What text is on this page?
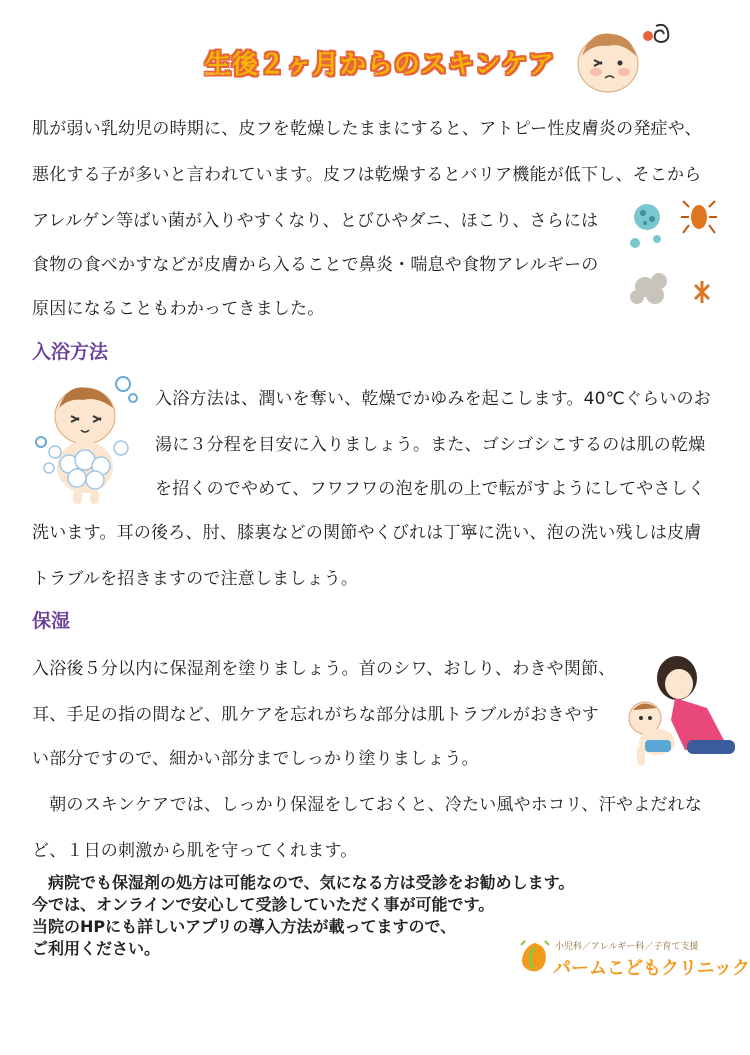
生後２ヶ月からのスキンケア
肌が弱い乳幼児の時期に、皮フを乾燥したままにすると、アトピー性皮膚炎の発症や、
悪化する子が多いと言われています。皮フは乾燥するとバリア機能が低下し、そこから
アレルゲン等ばい菌が入りやすくなり、とびひやダニ、ほこり、さらには
食物の食べかすなどが皮膚から入ることで鼻炎・喘息や食物アレルギーの
原因になることもわかってきました。
入浴方法
入浴方法は、潤いを奪い、乾燥でかゆみを起こします。40℃ぐらいのお
湯に３分程を目安に入りましょう。また、ゴシゴシこするのは肌の乾燥
を招くのでやめて、フワフワの泡を肌の上で転がすようにしてやさしく
洗います。耳の後ろ、肘、膝裏などの関節やくびれは丁寧に洗い、泡の洗い残しは皮膚
トラブルを招きますので注意しましょう。
保湿
入浴後５分以内に保湿剤を塗りましょう。首のシワ、おしり、わきや関節、
耳、手足の指の間など、肌ケアを忘れがちな部分は肌トラブルがおきやす
い部分ですので、細かい部分までしっかり塗りましょう。
　朝のスキンケアでは、しっかり保湿をしておくと、冷たい風やホコリ、汗やよだれな
ど、１日の刺激から肌を守ってくれます。
　病院でも保湿剤の処方は可能なので、気になる方は受診をお勧めします。
今では、オンラインで安心して受診していただく事が可能です。
当院のHPにも詳しいアプリの導入方法が載ってますので、
ご利用ください。	小児科／アレルギー科／子育て支援
パームこどもクリニック
